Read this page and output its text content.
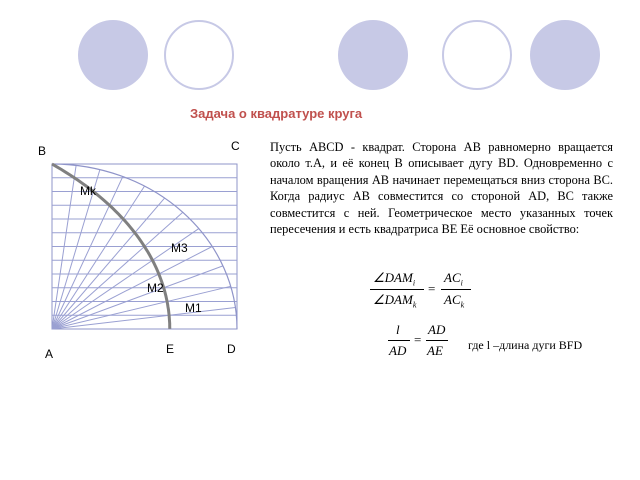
Задача о квадратуре круга
B	C
A	D
E
Mk
M3
M2
M1
Пусть ABCD - квадрат. Сторона AB равномерно вращается около т.A, и её конец B описывает дугу BD. Одновременно с началом вращения AB начинает перемещаться вниз сторона BC. Когда радиус AB совместится со стороной AD, BC также совместится с ней. Геометрическое место указанных точек пересечения и есть квадратриса BE Её основное свойство:
$\angle DAM_i$
$\angle DAM_k$
=
$AC_i$
$AC_k$
l
AD
=
AD
AE где l –длина дуги BFD
